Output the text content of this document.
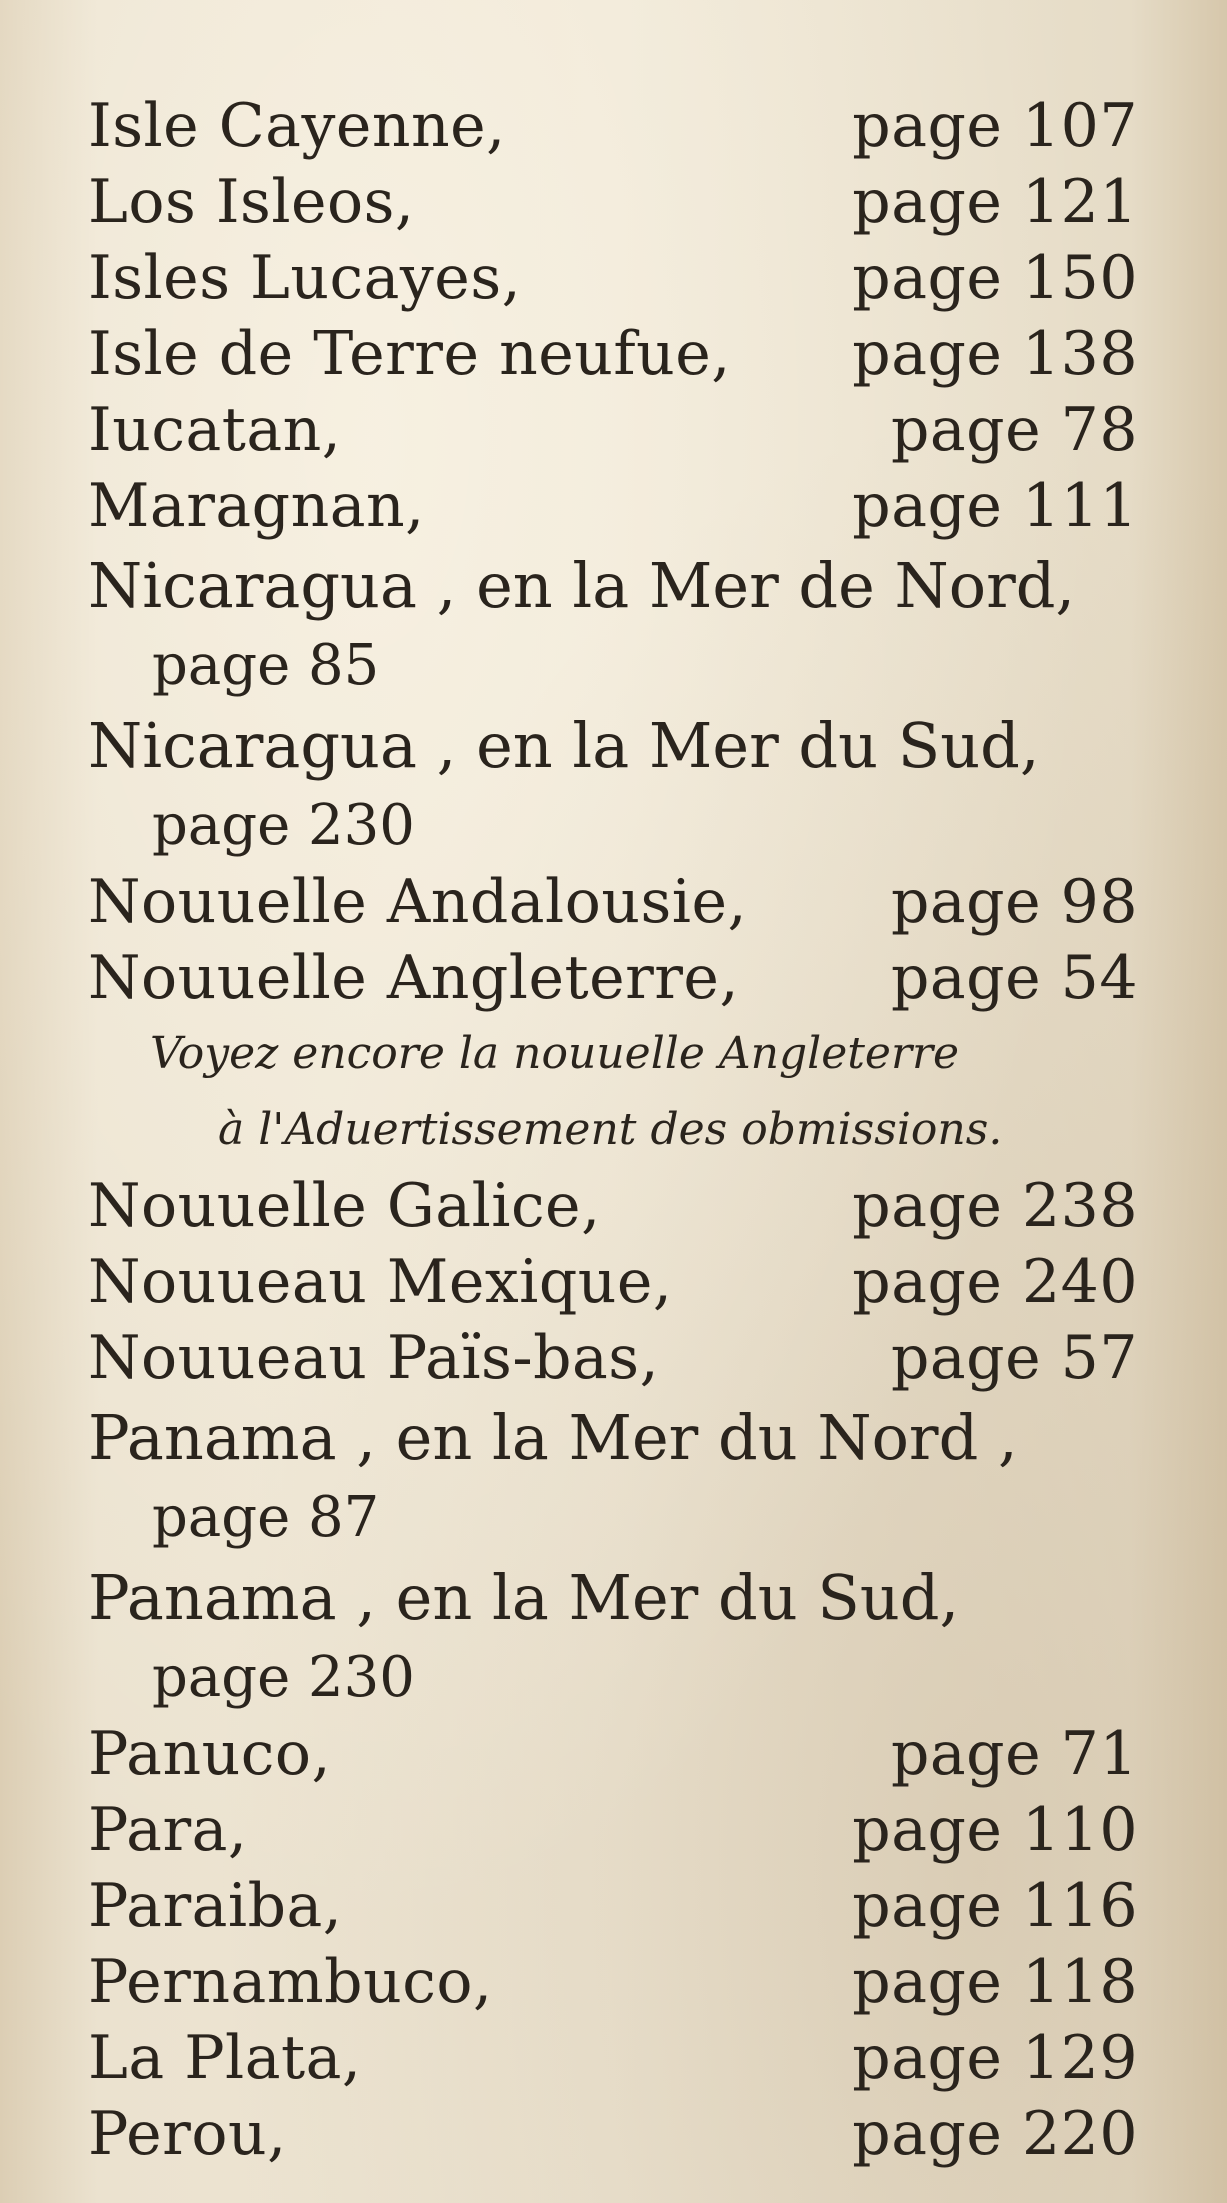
Isle Cayenne,	page 107
Los Isleos,	page 121
Isles Lucayes,	page 150
Isle de Terre neufue, page 138
Iucatan,	page 78
Maragnan,	page 111
Nicaragua , en la Mer de Nord,
page 85
Nicaragua , en la Mer du Sud,
page 230
Nouuelle Andalousie, page 98
Nouuelle Angleterre,	page 54
Voyez encore la nouuelle Angleterre
à l'Aduertissement des obmissions.
Nouuelle Galice,	page 238
Nouueau Mexique,	page 240
Nouueau Païs-bas,	page 57
Panama , en la Mer du Nord ,
page 87
Panama , en la Mer du Sud,
page 230
Panuco,	page 71
Para,	page 110
Paraiba,	page 116
Pernambuco,	page 118
La Plata,	page 129
Perou,	page 220
